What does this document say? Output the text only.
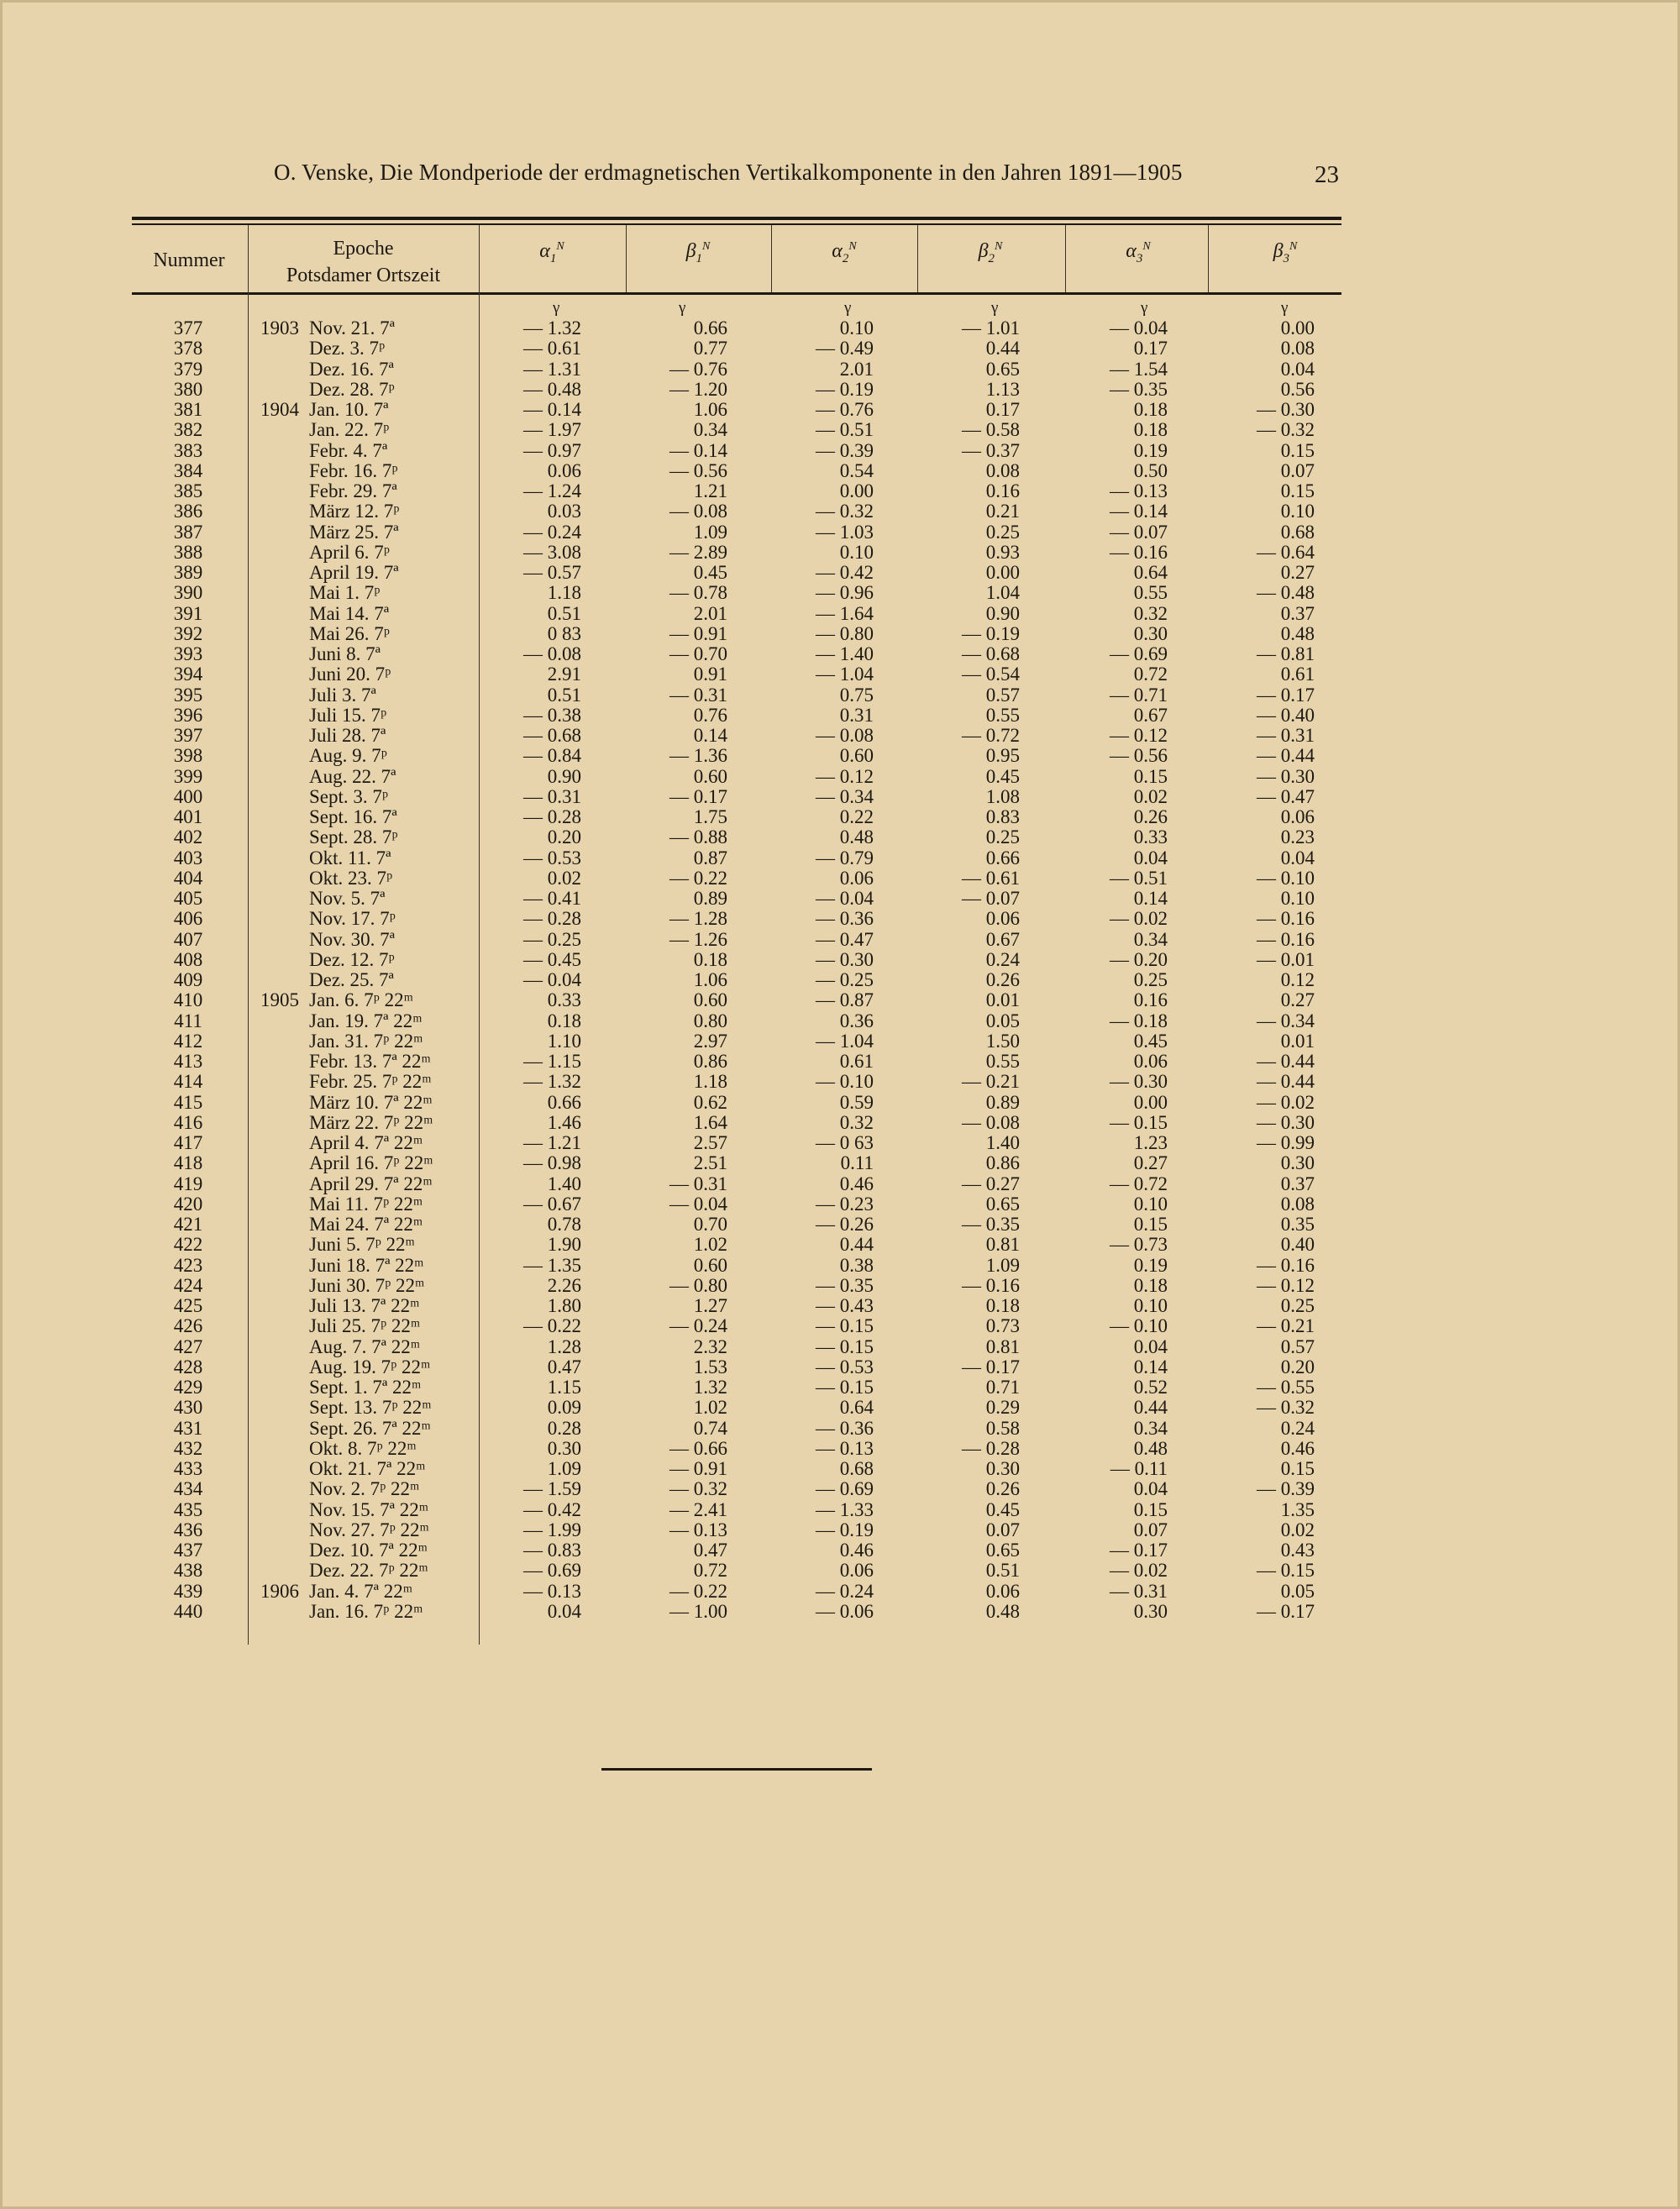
O. Venske, Die Mondperiode der erdmagnetischen Vertikalkomponente in den Jahren 1891—1905	23
Nummer
Epoche
Potsdamer Ortszeit
$\alpha_1^N$	$\beta_1^N$	$\alpha_2^N$	$\beta_2^N$	$\alpha_3^N$	$\beta_3^N$
γ	γ	γ	γ	γ	γ
377	1903 Nov. 21. 7ª	— 1.32	0.66	0.10	— 1.01	— 0.04	0.00
378	Dez. 3. 7ᵖ	— 0.61	0.77	— 0.49	0.44	0.17	0.08
379	Dez. 16. 7ª	— 1.31	— 0.76	2.01	0.65	— 1.54	0.04
380	Dez. 28. 7ᵖ	— 0.48	— 1.20	— 0.19	1.13	— 0.35	0.56
381	1904 Jan. 10. 7ª	— 0.14	1.06	— 0.76	0.17	0.18	— 0.30
382	Jan. 22. 7ᵖ	— 1.97	0.34	— 0.51	— 0.58	0.18	— 0.32
383	Febr. 4. 7ª	— 0.97	— 0.14	— 0.39	— 0.37	0.19	0.15
384	Febr. 16. 7ᵖ	0.06	— 0.56	0.54	0.08	0.50	0.07
385	Febr. 29. 7ª	— 1.24	1.21	0.00	0.16	— 0.13	0.15
386	März 12. 7ᵖ	0.03	— 0.08	— 0.32	0.21	— 0.14	0.10
387	März 25. 7ª	— 0.24	1.09	— 1.03	0.25	— 0.07	0.68
388	April 6. 7ᵖ	— 3.08	— 2.89	0.10	0.93	— 0.16	— 0.64
389	April 19. 7ª	— 0.57	0.45	— 0.42	0.00	0.64	0.27
390	Mai 1. 7ᵖ	1.18	— 0.78	— 0.96	1.04	0.55	— 0.48
391	Mai 14. 7ª	0.51	2.01	— 1.64	0.90	0.32	0.37
392	Mai 26. 7ᵖ	0 83	— 0.91	— 0.80	— 0.19	0.30	0.48
393	Juni 8. 7ª	— 0.08	— 0.70	— 1.40	— 0.68	— 0.69	— 0.81
394	Juni 20. 7ᵖ	2.91	0.91	— 1.04	— 0.54	0.72	0.61
395	Juli 3. 7ª	0.51	— 0.31	0.75	0.57	— 0.71	— 0.17
396	Juli 15. 7ᵖ	— 0.38	0.76	0.31	0.55	0.67	— 0.40
397	Juli 28. 7ª	— 0.68	0.14	— 0.08	— 0.72	— 0.12	— 0.31
398	Aug. 9. 7ᵖ	— 0.84	— 1.36	0.60	0.95	— 0.56	— 0.44
399	Aug. 22. 7ª	0.90	0.60	— 0.12	0.45	0.15	— 0.30
400	Sept. 3. 7ᵖ	— 0.31	— 0.17	— 0.34	1.08	0.02	— 0.47
401	Sept. 16. 7ª	— 0.28	1.75	0.22	0.83	0.26	0.06
402	Sept. 28. 7ᵖ	0.20	— 0.88	0.48	0.25	0.33	0.23
403	Okt. 11. 7ª	— 0.53	0.87	— 0.79	0.66	0.04	0.04
404	Okt. 23. 7ᵖ	0.02	— 0.22	0.06	— 0.61	— 0.51	— 0.10
405	Nov. 5. 7ª	— 0.41	0.89	— 0.04	— 0.07	0.14	0.10
406	Nov. 17. 7ᵖ	— 0.28	— 1.28	— 0.36	0.06	— 0.02	— 0.16
407	Nov. 30. 7ª	— 0.25	— 1.26	— 0.47	0.67	0.34	— 0.16
408	Dez. 12. 7ᵖ	— 0.45	0.18	— 0.30	0.24	— 0.20	— 0.01
409	Dez. 25. 7ª	— 0.04	1.06	— 0.25	0.26	0.25	0.12
410	1905 Jan. 6. 7ᵖ 22ᵐ	0.33	0.60	— 0.87	0.01	0.16	0.27
411	Jan. 19. 7ª 22ᵐ	0.18	0.80	0.36	0.05	— 0.18	— 0.34
412	Jan. 31. 7ᵖ 22ᵐ	1.10	2.97	— 1.04	1.50	0.45	0.01
413	Febr. 13. 7ª 22ᵐ	— 1.15	0.86	0.61	0.55	0.06	— 0.44
414	Febr. 25. 7ᵖ 22ᵐ	— 1.32	1.18	— 0.10	— 0.21	— 0.30	— 0.44
415	März 10. 7ª 22ᵐ	0.66	0.62	0.59	0.89	0.00	— 0.02
416	März 22. 7ᵖ 22ᵐ	1.46	1.64	0.32	— 0.08	— 0.15	— 0.30
417	April 4. 7ª 22ᵐ	— 1.21	2.57	— 0 63	1.40	1.23	— 0.99
418	April 16. 7ᵖ 22ᵐ	— 0.98	2.51	0.11	0.86	0.27	0.30
419	April 29. 7ª 22ᵐ	1.40	— 0.31	0.46	— 0.27	— 0.72	0.37
420	Mai 11. 7ᵖ 22ᵐ	— 0.67	— 0.04	— 0.23	0.65	0.10	0.08
421	Mai 24. 7ª 22ᵐ	0.78	0.70	— 0.26	— 0.35	0.15	0.35
422	Juni 5. 7ᵖ 22ᵐ	1.90	1.02	0.44	0.81	— 0.73	0.40
423	Juni 18. 7ª 22ᵐ	— 1.35	0.60	0.38	1.09	0.19	— 0.16
424	Juni 30. 7ᵖ 22ᵐ	2.26	— 0.80	— 0.35	— 0.16	0.18	— 0.12
425	Juli 13. 7ª 22ᵐ	1.80	1.27	— 0.43	0.18	0.10	0.25
426	Juli 25. 7ᵖ 22ᵐ	— 0.22	— 0.24	— 0.15	0.73	— 0.10	— 0.21
427	Aug. 7. 7ª 22ᵐ	1.28	2.32	— 0.15	0.81	0.04	0.57
428	Aug. 19. 7ᵖ 22ᵐ	0.47	1.53	— 0.53	— 0.17	0.14	0.20
429	Sept. 1. 7ª 22ᵐ	1.15	1.32	— 0.15	0.71	0.52	— 0.55
430	Sept. 13. 7ᵖ 22ᵐ	0.09	1.02	0.64	0.29	0.44	— 0.32
431	Sept. 26. 7ª 22ᵐ	0.28	0.74	— 0.36	0.58	0.34	0.24
432	Okt. 8. 7ᵖ 22ᵐ	0.30	— 0.66	— 0.13	— 0.28	0.48	0.46
433	Okt. 21. 7ª 22ᵐ	1.09	— 0.91	0.68	0.30	— 0.11	0.15
434	Nov. 2. 7ᵖ 22ᵐ	— 1.59	— 0.32	— 0.69	0.26	0.04	— 0.39
435	Nov. 15. 7ª 22ᵐ	— 0.42	— 2.41	— 1.33	0.45	0.15	1.35
436	Nov. 27. 7ᵖ 22ᵐ	— 1.99	— 0.13	— 0.19	0.07	0.07	0.02
437	Dez. 10. 7ª 22ᵐ	— 0.83	0.47	0.46	0.65	— 0.17	0.43
438	Dez. 22. 7ᵖ 22ᵐ	— 0.69	0.72	0.06	0.51	— 0.02	— 0.15
439	1906 Jan. 4. 7ª 22ᵐ	— 0.13	— 0.22	— 0.24	0.06	— 0.31	0.05
440	Jan. 16. 7ᵖ 22ᵐ	0.04	— 1.00	— 0.06	0.48	0.30	— 0.17
